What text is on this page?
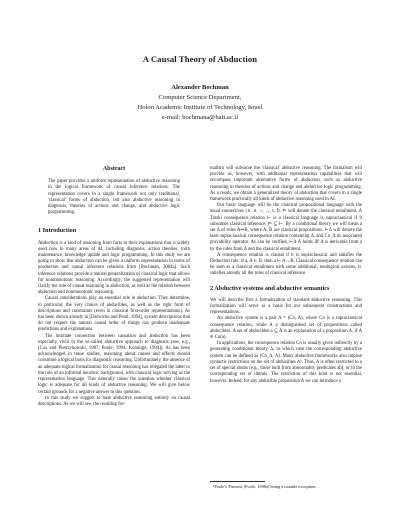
A Causal Theory of Abduction
Alexander Bochman
Computer Science Department,
Holon Academic Institute of Technology, Israel
e-mail: bochmana@hait.ac.il
Abstract
The paper provides a uniform representation of abductive reasoning in the logical framework of causal inference relations. The representation covers in a single framework not only traditional, 'classical' forms of abduction, but also abductive reasoning in diagnosis, theories of actions and change, and abductive logic programming.
1 Introduction

Abduction is a kind of reasoning from facts to their explanations that is widely used now in many areas of AI, including diagnosis, action theories, truth maintenance, knowledge update and logic programming. In this study we are going to show that abduction can be given a uniform representation in terms of production and causal inference relations from [Bochman, 2004a]. Such inference relations provide a natural generalization of classical logic that allows for nonmonotonic reasoning. Accordingly, the suggested representation will clarify the role of causal reasoning in abduction, as well as the relation between abduction and nonmonotonic reasoning.

Causal considerations play an essential role in abduction. They determine, in particular, the very choice of abducibles, as well as the right form of descriptions and constraints (even in classical first-order representations). As has been shown already in [Darwiche and Pearl, 1994], system descriptions that do not respect the natural causal order of things can produce inadequate predictions and explanations.

The intimate connection between causation and abduction has been especially vivid in the so-called abductive approach to diagnosis (see, e.g., [Cox and Pietrzykowski, 1987; Poole, 1994; Konolige, 1994]). As has been acknowledged in these studies, reasoning about causes and effects should constitute a logical basis for diagnostic reasoning. Unfortunately, the absence of an adequate logical formalization for causal reasoning has relegated the latter to the role of an informal heuristic background, with classical logic serving as the representation language. This naturally raises the question whether classical logic is adequate for all kinds of abductive reasoning. We will give below certain grounds for a negative answer to this question.

In this study we suggest to base abductive reasoning entirely on causal descriptions. As we will see, the resulting for-

malism will subsume the 'classical' abductive reasoning. The formalism will provide us, however, with additional representation capabilities that will encompass important alternative forms of abduction, such as abductive reasoning in theories of actions and change and abductive logic programming. As a result, we obtain a generalized theory of abduction that covers in a single framework practically all kinds of abductive reasoning used in AI.

Our basic language will be the classical propositional language with the usual connectives (∧, ∨, ¬, →, t, f). ⊨ will denote the classical entailment. A Tarski consequence relation ⊢ is a classical language is supraclassical if it subsumes classical inference: ⊨ ⊆ ⊢. By a conditional theory we will mean a set Δ of rules A⇒B, where A, B are classical propositions. ⊢Δ will denote the least supraclassical consequence relation containing Δ, and Cn_Δ its associated provability operator. As can be verified, ⊢Δ A holds iff A is derivable from a by the rules from Δ and the classical entailment.

A consequence relation is clausal if it is supraclassical and satisfies the Deduction rule: if a, A ⊢ B, then a ⊢ A→B. Classical consequence relation can be seen as a classical entailment with some additional, nonlogical axioms; it. satisfies already all the rules of classical inference.

2 Abductive systems and abductive semantics

We will describe first a formalization of standard abductive reasoning. This formalization will serve as a basis for our subsequent constructions and representations.

An abductive system is a pair A = (Cn, A), where Cn is a supraclassical consequence relation, while A a distinguished set of propositions called abducibles. A set of abducibles a ⊆ A is an explanation of a proposition A, if A ∈ Cn(a).

In applications, the consequence relation Cn is usually given indirectly by a generating conditional theory Δ, in which case the corresponding abductive system can be defined as (Cn_Δ, A). Many abductive frameworks also impose syntactic restrictions on the set of abducibles A¹. Thus, A is often restricted to a set of special atoms (e.g., those built from abnormality predicates ab), or to the corresponding set of literals. The restriction of this kind is not essential, however. Indeed, for any abducible proposition A we can introduce a

¹Poole's Theorist [Poole, 1988a] being a notable exception.
